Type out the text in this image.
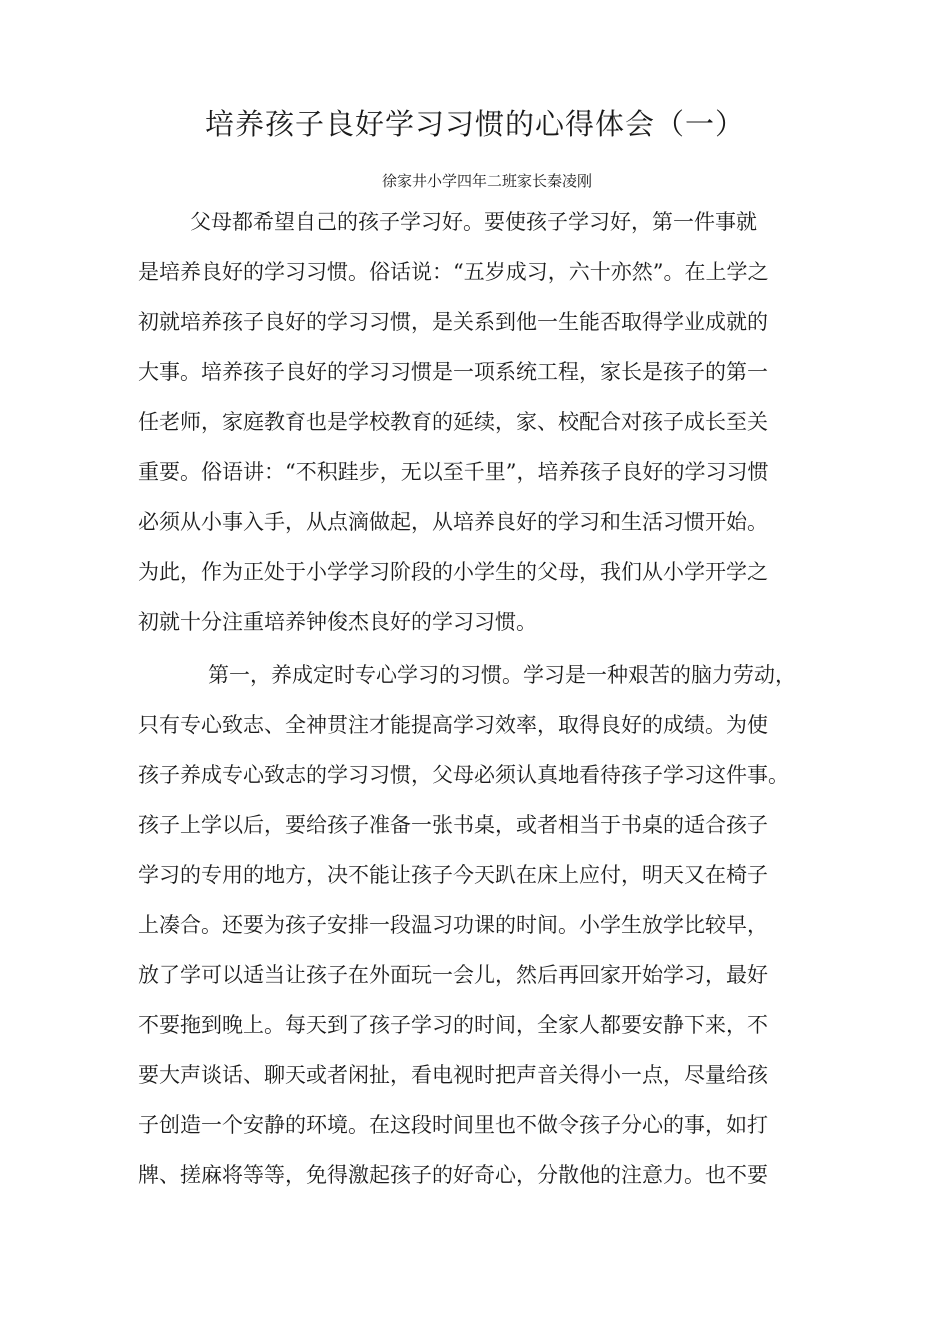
培养孩子良好学习习惯的心得体会（一）

徐家井小学四年二班家长秦凌刚

父母都希望自己的孩子学习好。要使孩子学习好，第一件事就

是培养良好的学习习惯。俗话说：“五岁成习，六十亦然”。在上学之

初就培养孩子良好的学习习惯，是关系到他一生能否取得学业成就的

大事。培养孩子良好的学习习惯是一项系统工程，家长是孩子的第一

任老师，家庭教育也是学校教育的延续，家、校配合对孩子成长至关

重要。俗语讲：“不积跬步，无以至千里”，培养孩子良好的学习习惯

必须从小事入手，从点滴做起，从培养良好的学习和生活习惯开始。

为此，作为正处于小学学习阶段的小学生的父母，我们从小学开学之

初就十分注重培养钟俊杰良好的学习习惯。

第一，养成定时专心学习的习惯。学习是一种艰苦的脑力劳动，

只有专心致志、全神贯注才能提高学习效率，取得良好的成绩。为使

孩子养成专心致志的学习习惯，父母必须认真地看待孩子学习这件事。

孩子上学以后，要给孩子准备一张书桌，或者相当于书桌的适合孩子

学习的专用的地方，决不能让孩子今天趴在床上应付，明天又在椅子

上凑合。还要为孩子安排一段温习功课的时间。小学生放学比较早，

放了学可以适当让孩子在外面玩一会儿，然后再回家开始学习，最好

不要拖到晚上。每天到了孩子学习的时间，全家人都要安静下来，不

要大声谈话、聊天或者闲扯，看电视时把声音关得小一点，尽量给孩

子创造一个安静的环境。在这段时间里也不做令孩子分心的事，如打

牌、搓麻将等等，免得激起孩子的好奇心，分散他的注意力。也不要
